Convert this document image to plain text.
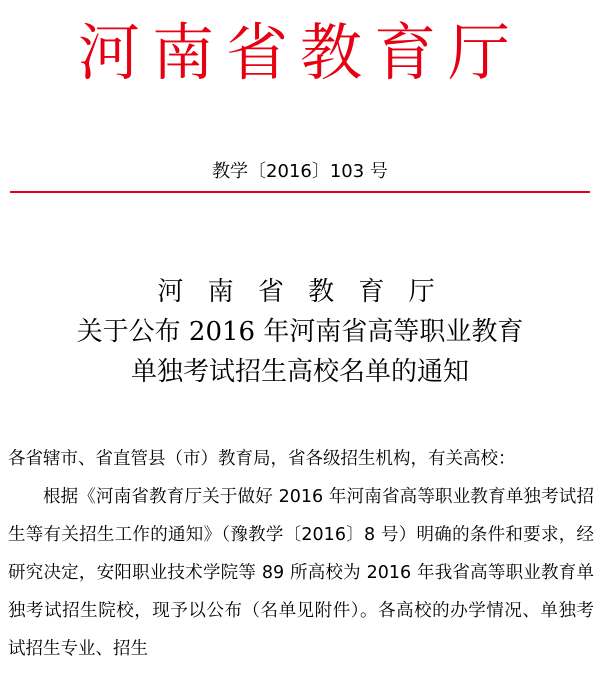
河南省教育厅
教学〔2016〕103 号
河 南 省 教 育 厅
关于公布 2016 年河南省高等职业教育
单独考试招生高校名单的通知

各省辖市、省直管县（市）教育局，省各级招生机构，有关高校：

根据《河南省教育厅关于做好 2016 年河南省高等职业教育单独考试招生等有关招生工作的通知》（豫教学〔2016〕8 号）明确的条件和要求，经研究决定，安阳职业技术学院等 89 所高校为 2016 年我省高等职业教育单独考试招生院校，现予以公布（名单见附件）。各高校的办学情况、单独考试招生专业、招生
